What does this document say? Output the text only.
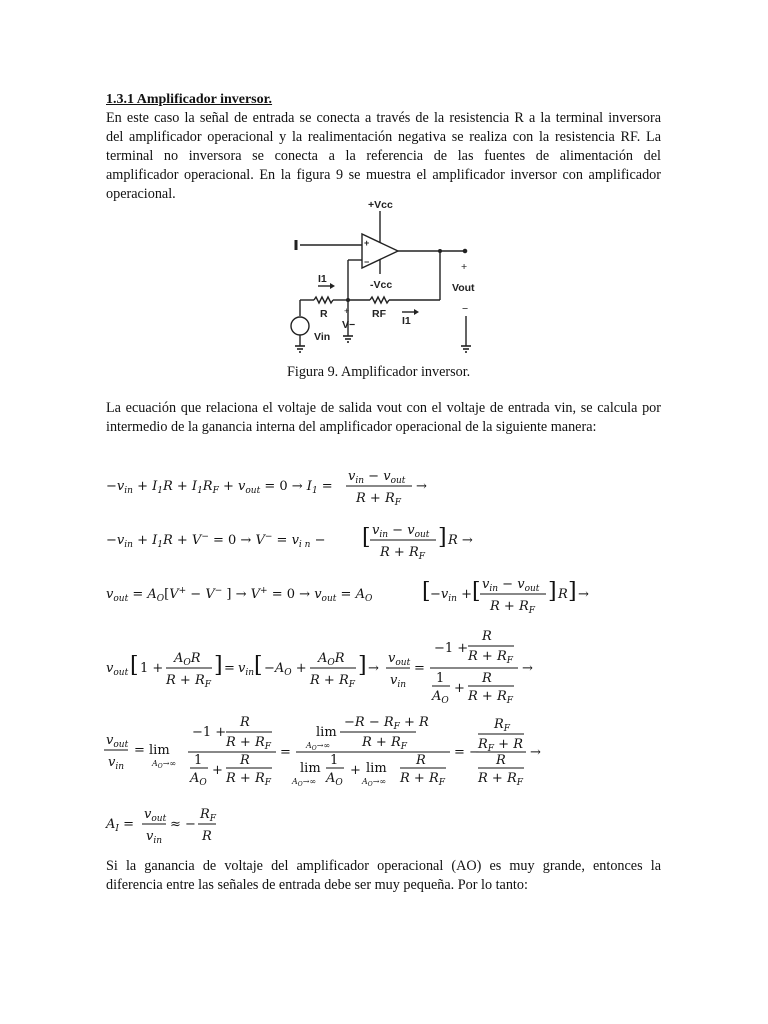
1.3.1 Amplificador inversor.
En este caso la señal de entrada se conecta a través de la resistencia R a la terminal inversora
del amplificador operacional y la realimentación negativa se realiza con la resistencia RF. La
terminal no inversora se conecta a la referencia de las fuentes de alimentación del
amplificador operacional. En la figura 9 se muestra el amplificador inversor con amplificador
operacional.
+Vcc
-Vcc
I1
I1
R	RF
Vin
V−
Vout
+
−	+
−
+
Figura 9. Amplificador inversor.
La ecuación que relaciona el voltaje de salida vout con el voltaje de entrada vin, se calcula por
intermedio de la ganancia interna del amplificador operacional de la siguiente manera:
$-v_{in} + I_1R + I_1R_F + v_{out} = 0 \to I_1$ =
$v_{in} - v_{out}$
$R + R_F$
→
$-v_{in} + I_1R + V^- = 0 \to V^- = v_{i n}$ − [ $v_{in} - v_{out}$
$R + R_F$
] R →
$v_{out} = A_O[V^+ - V^-$ ] → $V^+ = 0 \to v_{out} = A_O$ [ $-v_{in}$ + [ $v_{in} - v_{out}$
$R + R_F$
] R ] →
$v_{out}$ [ 1 +
$A_OR$
$R + R_F$
] = $v_{in}$ [ $-A_O$ +
$A_OR$
$R + R_F$
] →
$v_{out}$
$v_{in}$
=
−1 +
R
$R + R_F$
1
$A_O$
+
R
$R + R_F$
→
$v_{out}$
$v_{in}$
= lim
$A_O\to\infty$
−1 +
R
$R + R_F$
1
$A_O$
+
R
$R + R_F$
=
lim
$A_O\to\infty$
$-R - R_F + R$
$R + R_F$
lim
$A_O\to\infty$
1
$A_O$
+ lim
$A_O\to\infty$
R
$R + R_F$
= −
$R_F$
$R_F + R$
R
$R + R_F$
→
$A_I$ =
$v_{out}$
$v_{in}$
≈ −
$R_F$
R
Si la ganancia de voltaje del amplificador operacional (AO) es muy grande, entonces la
diferencia entre las señales de entrada debe ser muy pequeña. Por lo tanto:
